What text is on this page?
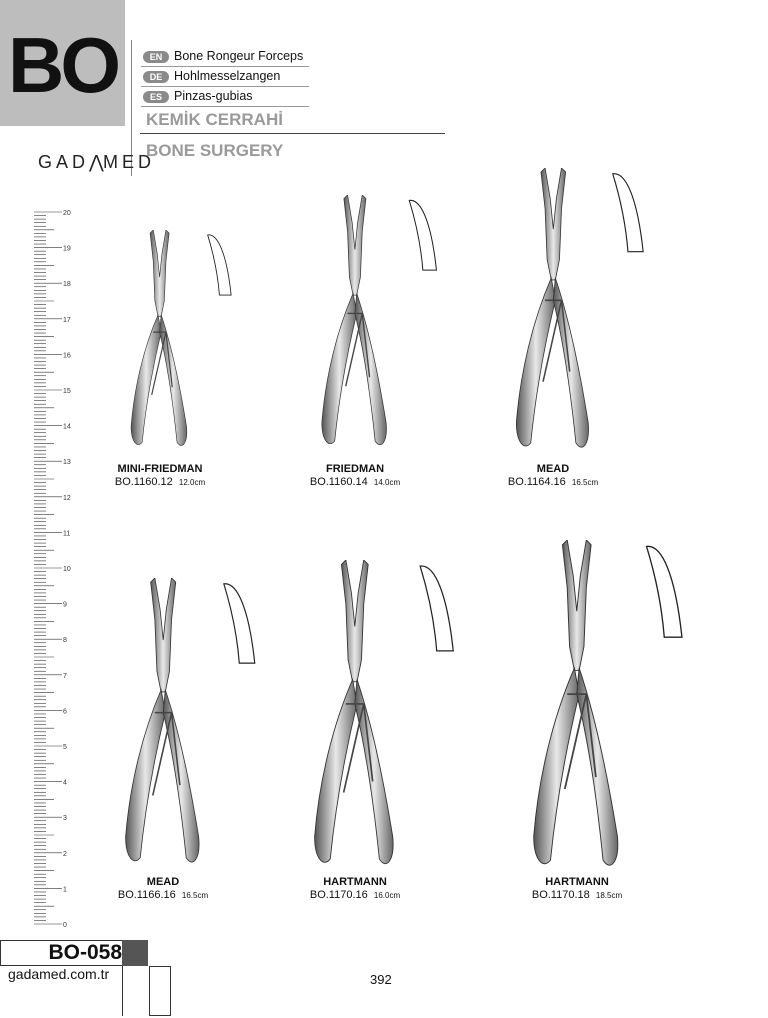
BO	EN Bone Rongeur Forceps
DE Hohlmesselzangen
ES Pinzas-gubias
KEMİK CERRAHİ
BONE SURGERY
GAD⋀MED
20
19
18
17
16
15
14
13
12
11
10
9
8
7
6
5
4
3
2
1
0
MINI-FRIEDMAN
BO.1160.12 12.0cm
FRIEDMAN
BO.1160.14 14.0cm
MEAD
BO.1164.16 16.5cm
MEAD
BO.1166.16 16.5cm
HARTMANN
BO.1170.16 16.0cm
HARTMANN
BO.1170.18 18.5cm
BO-058
gadamed.com.tr	392
